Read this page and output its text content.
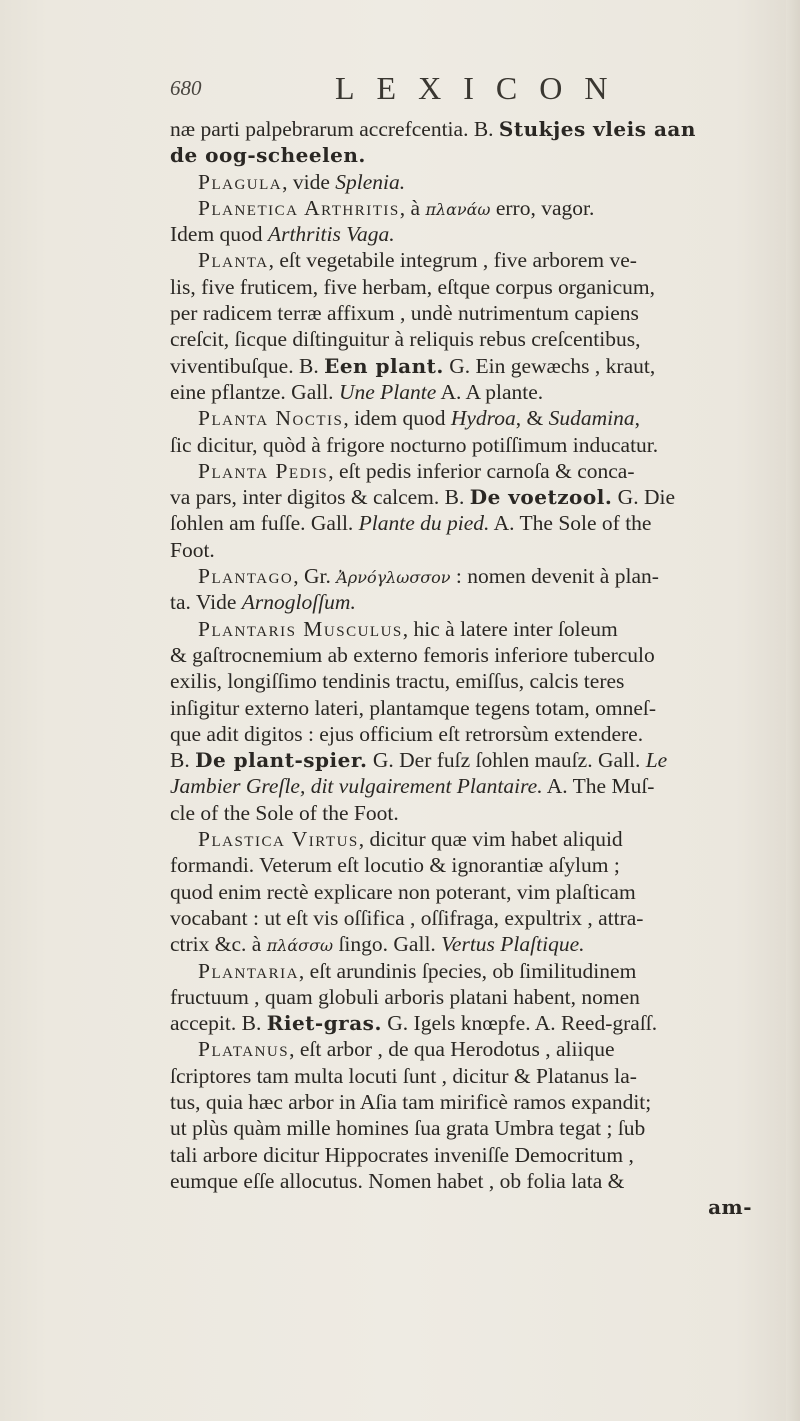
680	LEXICON
næ parti palpebrarum accrefcentia. B. Stukjes vleis aan
de oog-scheelen.
Plagula, vide Splenia.
Planetica Arthritis, à πλανάω erro, vagor.
Idem quod Arthritis Vaga.
Planta, eſt vegetabile integrum , five arborem ve-
lis, five fruticem, five herbam, eſtque corpus organicum,
per radicem terræ affixum , undè nutrimentum capiens
creſcit, ſicque diſtinguitur à reliquis rebus creſcentibus,
viventibuſque. B. Een plant. G. Ein gewæchs , kraut,
eine pflantze. Gall. Une Plante A. A plante.
Planta Noctis, idem quod Hydroa, & Sudamina,
ſic dicitur, quòd à frigore nocturno potiſſimum inducatur.
Planta Pedis, eſt pedis inferior carnoſa & conca-
va pars, inter digitos & calcem. B. De voetzool. G. Die
ſohlen am fuſſe. Gall. Plante du pied. A. The Sole of the
Foot.
Plantago, Gr. Ἀρνόγλωσσον : nomen devenit à plan-
ta. Vide Arnogloſſum.
Plantaris Musculus, hic à latere inter ſoleum
& gaſtrocnemium ab externo femoris inferiore tuberculo
exilis, longiſſimo tendinis tractu, emiſſus, calcis teres
inſigitur externo lateri, plantamque tegens totam, omneſ-
que adit digitos : ejus officium eſt retrorsùm extendere.
B. De plant-spier. G. Der fuſz ſohlen mauſz. Gall. Le
Jambier Greſle, dit vulgairement Plantaire. A. The Muſ-
cle of the Sole of the Foot.
Plastica Virtus, dicitur quæ vim habet aliquid
formandi. Veterum eſt locutio & ignorantiæ aſylum ;
quod enim rectè explicare non poterant, vim plaſticam
vocabant : ut eſt vis oſſifica , oſſifraga, expultrix , attra-
ctrix &c. à πλάσσω ſingo. Gall. Vertus Plaſtique.
Plantaria, eſt arundinis ſpecies, ob ſimilitudinem
fructuum , quam globuli arboris platani habent, nomen
accepit. B. Riet-gras. G. Igels knœpfe. A. Reed-graſſ.
Platanus, eſt arbor , de qua Herodotus , aliique
ſcriptores tam multa locuti ſunt , dicitur & Platanus la-
tus, quia hæc arbor in Aſia tam mirificè ramos expandit;
ut plùs quàm mille homines ſua grata Umbra tegat ; ſub
tali arbore dicitur Hippocrates inveniſſe Democritum ,
eumque eſſe allocutus. Nomen habet , ob folia lata &
am-
